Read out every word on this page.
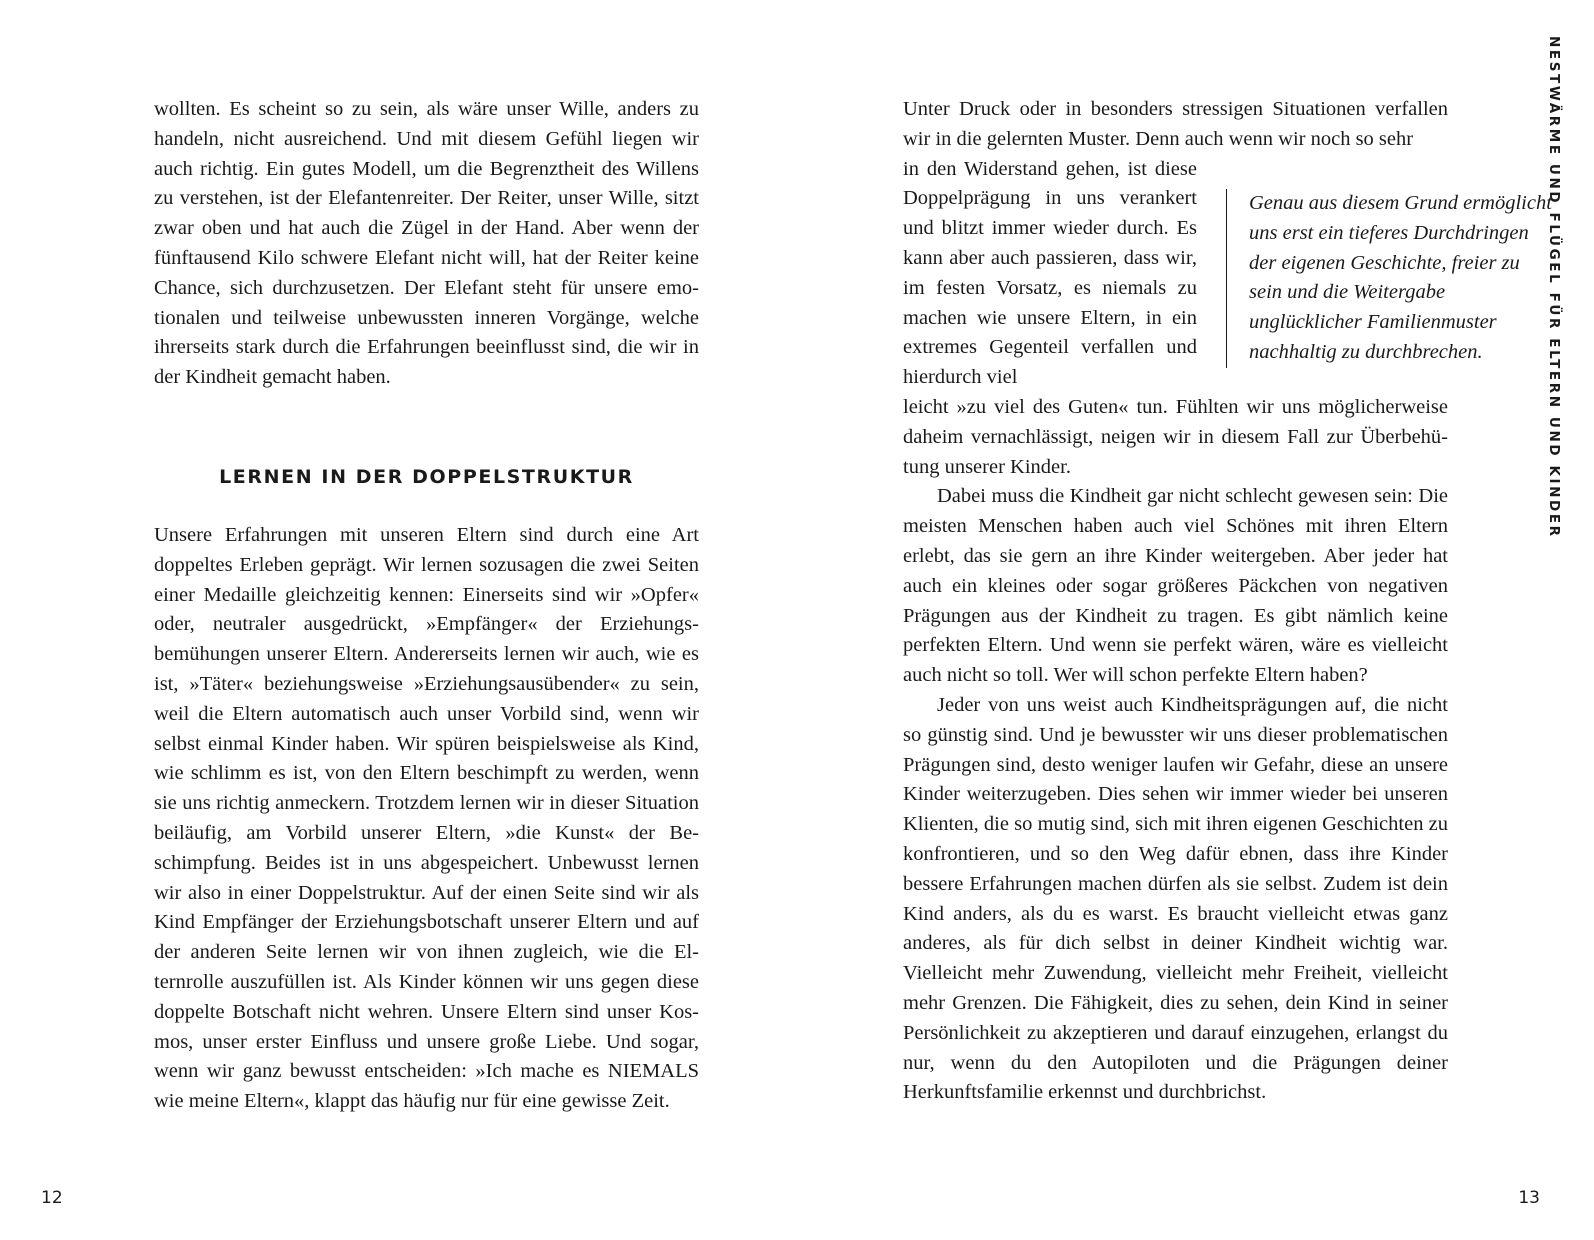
wollten. Es scheint so zu sein, als wäre unser Wille, anders zu handeln, nicht ausreichend. Und mit diesem Gefühl liegen wir auch richtig. Ein gutes Modell, um die Begrenztheit des Willens zu verstehen, ist der Elefantenreiter. Der Reiter, unser Wille, sitzt zwar oben und hat auch die Zügel in der Hand. Aber wenn der fünftausend Kilo schwere Elefant nicht will, hat der Reiter keine Chance, sich durchzusetzen. Der Elefant steht für unsere emotionalen und teilweise unbewussten inneren Vorgänge, welche ihrerseits stark durch die Erfahrungen beeinflusst sind, die wir in der Kindheit gemacht haben.

LERNEN IN DER DOPPELSTRUKTUR

Unsere Erfahrungen mit unseren Eltern sind durch eine Art doppeltes Erleben geprägt. Wir lernen sozusagen die zwei Seiten einer Medaille gleichzeitig kennen: Einerseits sind wir »Opfer« oder, neutraler ausgedrückt, »Empfänger« der Erziehungsbemühungen unserer Eltern. Andererseits lernen wir auch, wie es ist, »Täter« beziehungsweise »Erziehungsausübender« zu sein, weil die Eltern automatisch auch unser Vorbild sind, wenn wir selbst einmal Kinder haben. Wir spüren beispielsweise als Kind, wie schlimm es ist, von den Eltern beschimpft zu werden, wenn sie uns richtig anmeckern. Trotzdem lernen wir in dieser Situation beiläufig, am Vorbild unserer Eltern, »die Kunst« der Beschimpfung. Beides ist in uns abgespeichert. Unbewusst lernen wir also in einer Doppelstruktur. Auf der einen Seite sind wir als Kind Empfänger der Erziehungsbotschaft unserer Eltern und auf der anderen Seite lernen wir von ihnen zugleich, wie die Elternrolle auszufüllen ist. Als Kinder können wir uns gegen diese doppelte Botschaft nicht wehren. Unsere Eltern sind unser Kosmos, unser erster Einfluss und unsere große Liebe. Und sogar, wenn wir ganz bewusst entscheiden: »Ich mache es NIEMALS wie meine Eltern«, klappt das häufig nur für eine gewisse Zeit.

12

Unter Druck oder in besonders stressigen Situationen verfallen wir in die gelernten Muster. Denn auch wenn wir noch so sehr

in den Widerstand gehen, ist diese Doppelprägung in uns verankert und blitzt immer wieder durch. Es kann aber auch passieren, dass wir, im festen Vorsatz, es niemals zu machen wie unsere Eltern, in ein extremes Gegenteil verfallen und hierdurch viel

leicht »zu viel des Guten« tun. Fühlten wir uns möglicherweise daheim vernachlässigt, neigen wir in diesem Fall zur Überbehütung unserer Kinder.

Dabei muss die Kindheit gar nicht schlecht gewesen sein: Die meisten Menschen haben auch viel Schönes mit ihren Eltern erlebt, das sie gern an ihre Kinder weitergeben. Aber jeder hat auch ein kleines oder sogar größeres Päckchen von negativen Prägungen aus der Kindheit zu tragen. Es gibt nämlich keine perfekten Eltern. Und wenn sie perfekt wären, wäre es vielleicht auch nicht so toll. Wer will schon perfekte Eltern haben?

Jeder von uns weist auch Kindheitsprägungen auf, die nicht so günstig sind. Und je bewusster wir uns dieser problematischen Prägungen sind, desto weniger laufen wir Gefahr, diese an unsere Kinder weiterzugeben. Dies sehen wir immer wieder bei unseren Klienten, die so mutig sind, sich mit ihren eigenen Geschichten zu konfrontieren, und so den Weg dafür ebnen, dass ihre Kinder bessere Erfahrungen machen dürfen als sie selbst. Zudem ist dein Kind anders, als du es warst. Es braucht vielleicht etwas ganz anderes, als für dich selbst in deiner Kindheit wichtig war. Vielleicht mehr Zuwendung, vielleicht mehr Freiheit, vielleicht mehr Grenzen. Die Fähigkeit, dies zu sehen, dein Kind in seiner Persönlichkeit zu akzeptieren und darauf einzugehen, erlangst du nur, wenn du den Autopiloten und die Prägungen deiner Herkunftsfamilie erkennst und durchbrichst.

Genau aus diesem Grund ermöglicht uns erst ein tieferes Durchdringen der eigenen Geschichte, freier zu sein und die Weitergabe unglücklicher Familienmuster nachhaltig zu durchbrechen.	NESTWÄRME UND FLÜGEL FÜR ELTERN UND KINDER
13
